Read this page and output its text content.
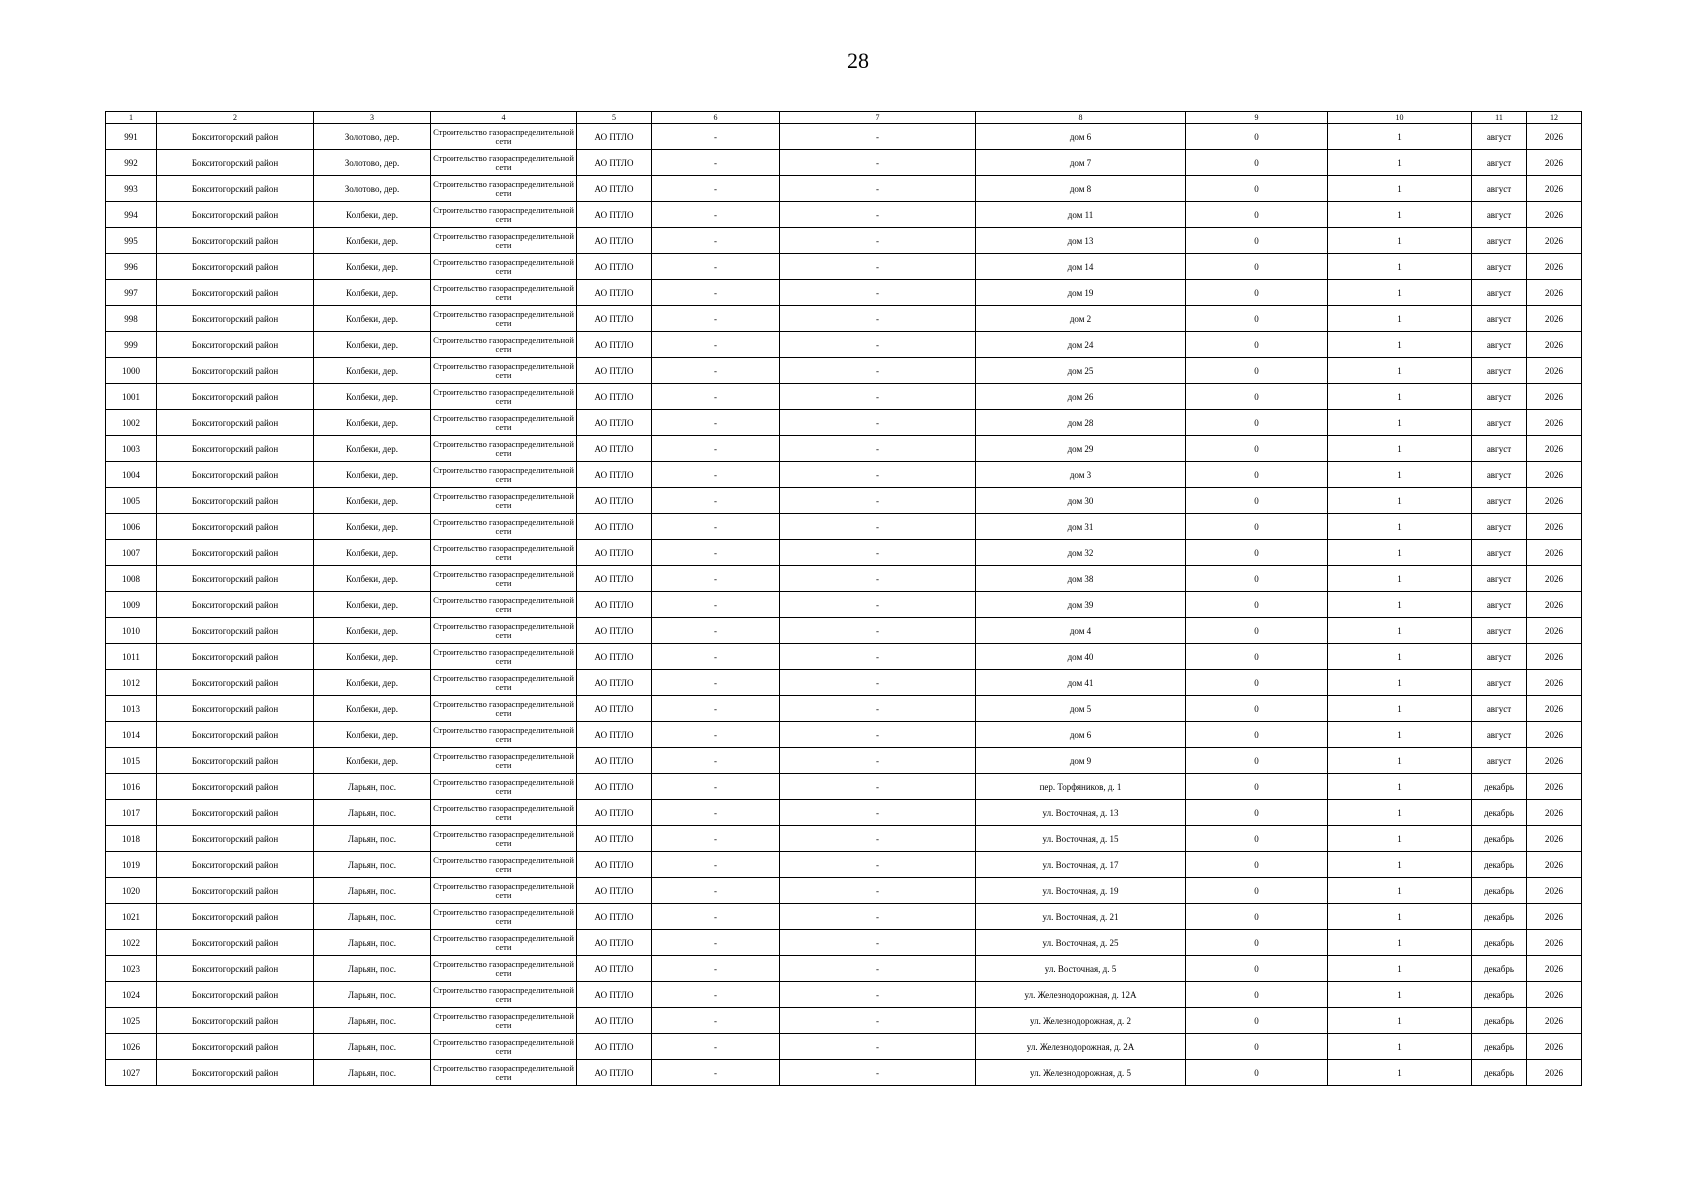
28
1	2	3	4	5	6	7	8	9	10	11	12
991	Бокситогорский район	Золотово, дер.	Строительство газораспределительной сети	АО ПТЛО	-	-	дом 6	0	1	август	2026
992	Бокситогорский район	Золотово, дер.	Строительство газораспределительной сети	АО ПТЛО	-	-	дом 7	0	1	август	2026
993	Бокситогорский район	Золотово, дер.	Строительство газораспределительной сети	АО ПТЛО	-	-	дом 8	0	1	август	2026
994	Бокситогорский район	Колбеки, дер.	Строительство газораспределительной сети	АО ПТЛО	-	-	дом 11	0	1	август	2026
995	Бокситогорский район	Колбеки, дер.	Строительство газораспределительной сети	АО ПТЛО	-	-	дом 13	0	1	август	2026
996	Бокситогорский район	Колбеки, дер.	Строительство газораспределительной сети	АО ПТЛО	-	-	дом 14	0	1	август	2026
997	Бокситогорский район	Колбеки, дер.	Строительство газораспределительной сети	АО ПТЛО	-	-	дом 19	0	1	август	2026
998	Бокситогорский район	Колбеки, дер.	Строительство газораспределительной сети	АО ПТЛО	-	-	дом 2	0	1	август	2026
999	Бокситогорский район	Колбеки, дер.	Строительство газораспределительной сети	АО ПТЛО	-	-	дом 24	0	1	август	2026
1000	Бокситогорский район	Колбеки, дер.	Строительство газораспределительной сети	АО ПТЛО	-	-	дом 25	0	1	август	2026
1001	Бокситогорский район	Колбеки, дер.	Строительство газораспределительной сети	АО ПТЛО	-	-	дом 26	0	1	август	2026
1002	Бокситогорский район	Колбеки, дер.	Строительство газораспределительной сети	АО ПТЛО	-	-	дом 28	0	1	август	2026
1003	Бокситогорский район	Колбеки, дер.	Строительство газораспределительной сети	АО ПТЛО	-	-	дом 29	0	1	август	2026
1004	Бокситогорский район	Колбеки, дер.	Строительство газораспределительной сети	АО ПТЛО	-	-	дом 3	0	1	август	2026
1005	Бокситогорский район	Колбеки, дер.	Строительство газораспределительной сети	АО ПТЛО	-	-	дом 30	0	1	август	2026
1006	Бокситогорский район	Колбеки, дер.	Строительство газораспределительной сети	АО ПТЛО	-	-	дом 31	0	1	август	2026
1007	Бокситогорский район	Колбеки, дер.	Строительство газораспределительной сети	АО ПТЛО	-	-	дом 32	0	1	август	2026
1008	Бокситогорский район	Колбеки, дер.	Строительство газораспределительной сети	АО ПТЛО	-	-	дом 38	0	1	август	2026
1009	Бокситогорский район	Колбеки, дер.	Строительство газораспределительной сети	АО ПТЛО	-	-	дом 39	0	1	август	2026
1010	Бокситогорский район	Колбеки, дер.	Строительство газораспределительной сети	АО ПТЛО	-	-	дом 4	0	1	август	2026
1011	Бокситогорский район	Колбеки, дер.	Строительство газораспределительной сети	АО ПТЛО	-	-	дом 40	0	1	август	2026
1012	Бокситогорский район	Колбеки, дер.	Строительство газораспределительной сети	АО ПТЛО	-	-	дом 41	0	1	август	2026
1013	Бокситогорский район	Колбеки, дер.	Строительство газораспределительной сети	АО ПТЛО	-	-	дом 5	0	1	август	2026
1014	Бокситогорский район	Колбеки, дер.	Строительство газораспределительной сети	АО ПТЛО	-	-	дом 6	0	1	август	2026
1015	Бокситогорский район	Колбеки, дер.	Строительство газораспределительной сети	АО ПТЛО	-	-	дом 9	0	1	август	2026
1016	Бокситогорский район	Ларьян, пос.	Строительство газораспределительной сети	АО ПТЛО	-	-	пер. Торфяников, д. 1	0	1	декабрь	2026
1017	Бокситогорский район	Ларьян, пос.	Строительство газораспределительной сети	АО ПТЛО	-	-	ул. Восточная, д. 13	0	1	декабрь	2026
1018	Бокситогорский район	Ларьян, пос.	Строительство газораспределительной сети	АО ПТЛО	-	-	ул. Восточная, д. 15	0	1	декабрь	2026
1019	Бокситогорский район	Ларьян, пос.	Строительство газораспределительной сети	АО ПТЛО	-	-	ул. Восточная, д. 17	0	1	декабрь	2026
1020	Бокситогорский район	Ларьян, пос.	Строительство газораспределительной сети	АО ПТЛО	-	-	ул. Восточная, д. 19	0	1	декабрь	2026
1021	Бокситогорский район	Ларьян, пос.	Строительство газораспределительной сети	АО ПТЛО	-	-	ул. Восточная, д. 21	0	1	декабрь	2026
1022	Бокситогорский район	Ларьян, пос.	Строительство газораспределительной сети	АО ПТЛО	-	-	ул. Восточная, д. 25	0	1	декабрь	2026
1023	Бокситогорский район	Ларьян, пос.	Строительство газораспределительной сети	АО ПТЛО	-	-	ул. Восточная, д. 5	0	1	декабрь	2026
1024	Бокситогорский район	Ларьян, пос.	Строительство газораспределительной сети	АО ПТЛО	-	-	ул. Железнодорожная, д. 12А	0	1	декабрь	2026
1025	Бокситогорский район	Ларьян, пос.	Строительство газораспределительной сети	АО ПТЛО	-	-	ул. Железнодорожная, д. 2	0	1	декабрь	2026
1026	Бокситогорский район	Ларьян, пос.	Строительство газораспределительной сети	АО ПТЛО	-	-	ул. Железнодорожная, д. 2А	0	1	декабрь	2026
1027	Бокситогорский район	Ларьян, пос.	Строительство газораспределительной сети	АО ПТЛО	-	-	ул. Железнодорожная, д. 5	0	1	декабрь	2026
